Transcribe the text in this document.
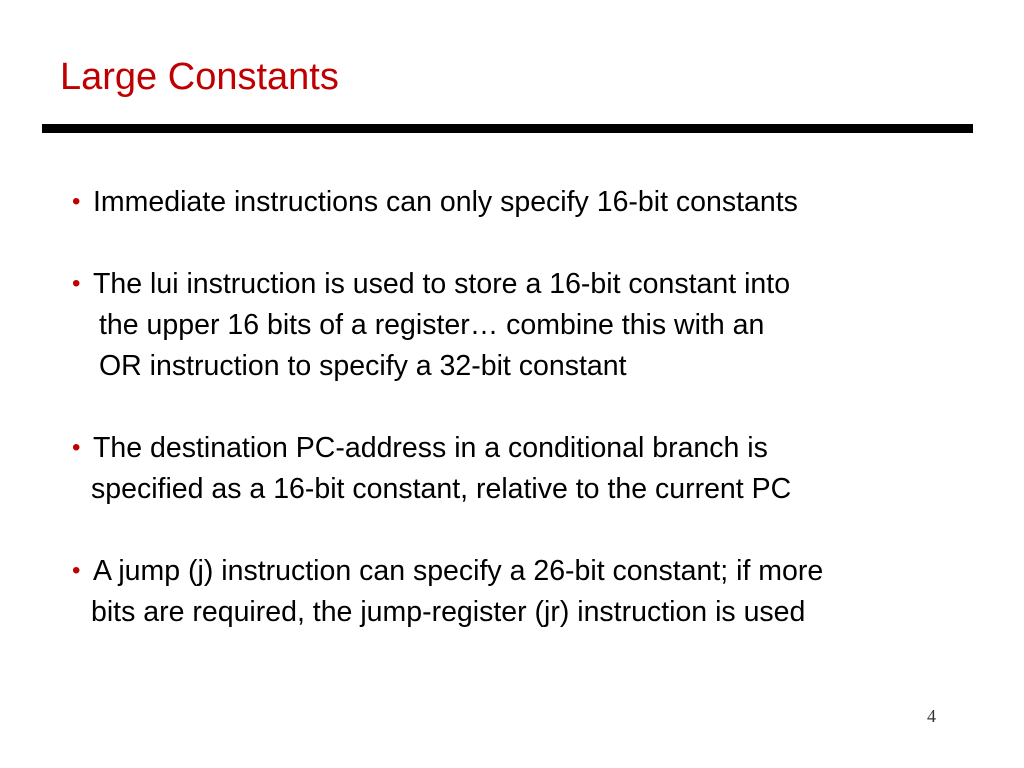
Large Constants
• Immediate instructions can only specify 16-bit constants
• The lui instruction is used to store a 16-bit constant into
the upper 16 bits of a register… combine this with an
OR instruction to specify a 32-bit constant
• The destination PC-address in a conditional branch is
specified as a 16-bit constant, relative to the current PC
• A jump (j) instruction can specify a 26-bit constant; if more
bits are required, the jump-register (jr) instruction is used
4
